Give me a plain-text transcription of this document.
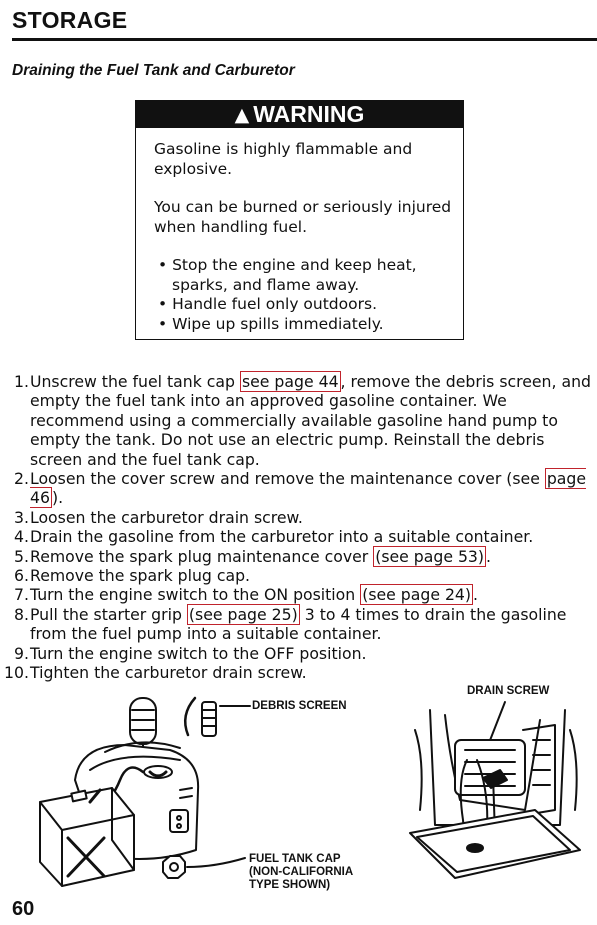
STORAGE
Draining the Fuel Tank and Carburetor
▲ WARNING
Gasoline is highly flammable and explosive.
You can be burned or seriously injured when handling fuel.
• Stop the engine and keep heat, sparks, and flame away.
• Handle fuel only outdoors.
• Wipe up spills immediately.
1. Unscrew the fuel tank cap see page 44 , remove the debris screen, and empty the fuel tank into an approved gasoline container. We recommend using a commercially available gasoline hand pump to empty the tank. Do not use an electric pump. Reinstall the debris screen and the fuel tank cap.
2. Loosen the cover screw and remove the maintenance cover (see page 46 ).
3. Loosen the carburetor drain screw.
4. Drain the gasoline from the carburetor into a suitable container.
5. Remove the spark plug maintenance cover (see page 53) .
6. Remove the spark plug cap.
7. Turn the engine switch to the ON position (see page 24) .
8. Pull the starter grip (see page 25) 3 to 4 times to drain the gasoline from the fuel pump into a suitable container.
9. Turn the engine switch to the OFF position.
10. Tighten the carburetor drain screw.
DEBRIS SCREEN
FUEL TANK CAP
(NON-CALIFORNIA
TYPE SHOWN)
DRAIN SCREW
60
